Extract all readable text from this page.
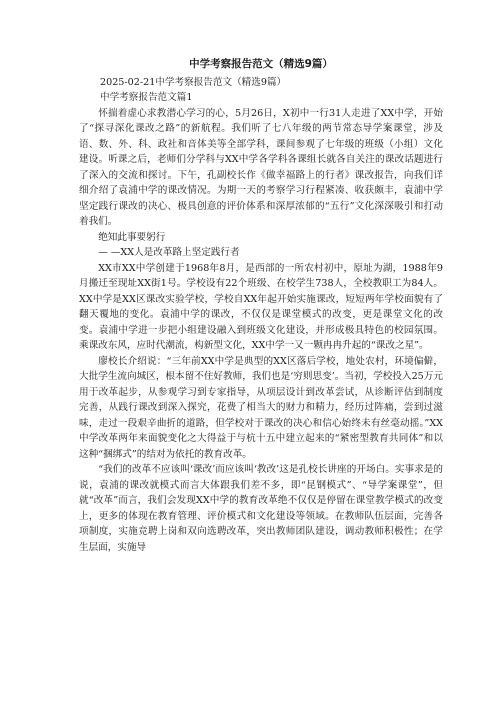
中学考察报告范文（精选9篇）
2025-02-21中学考察报告范文（精选9篇）
中学考察报告范文篇1

怀揣着虚心求教潜心学习的心，5月26日，X初中一行31人走进了XX中学，开始了“探寻深化课改之路”的新航程。我们听了七八年级的两节常态导学案课堂，涉及语、数、外、科、政社和音体美等全部学科，课间参观了七年级的班级（小组）文化建设。听课之后，老师们分学科与XX中学各学科各课组长就各自关注的课改话题进行了深入的交流和探讨。下午，孔副校长作《做幸福路上的行者》课改报告，向我们详细介绍了袁浦中学的课改情况。为期一天的考察学习行程紧凑、收获颇丰，袁浦中学坚定践行课改的决心、极具创意的评价体系和深厚浓郁的“五行”文化深深吸引和打动着我们。

绝知此事要躬行
— —XX人是改革路上坚定践行者

XX市XX中学创建于1968年8月，是西部的一所农村初中，原址为湖，1988年9月搬迁至现址XX街1号。学校设有22个班级、在校学生738人，全校教职工为84人。XX中学是XX区课改实验学校，学校自XX年起开始实施课改，短短两年学校面貌有了翻天覆地的变化。袁浦中学的课改，不仅仅是课堂模式的改变，更是课堂文化的改变。袁浦中学进一步把小组建设融入到班级文化建设，并形成极具特色的校园氛围。乘课改东风，应时代潮流，构新型文化，XX中学一又一颗冉冉升起的“课改之星”。

廖校长介绍说：“三年前XX中学是典型的XX区落后学校，地处农村，环境偏僻，大批学生流向城区，根本留不住好教师，我们也是‘穷则思变’。当初，学校投入25万元用于改革起步，从参观学习到专家指导，从项层设计到改革尝试，从诊断评估到制度完善，从践行课改到深入探究，花费了相当大的财力和精力，经历过阵痛，尝到过滋味，走过一段艰辛曲折的道路，但学校对于课改的决心和信心始终未有丝毫动摇。”XX中学改革两年来面貌变化之大得益于与杭十五中建立起来的“紧密型教育共同体”和以这种“捆绑式”的结对为依托的教育改革。

“我们的改革不应该叫‘课改’而应该叫‘教改’这是孔校长讲座的开场白。实事求是的说，袁浦的课改就模式而言大体跟我们差不多，即“昆钢模式”、“导学案课堂”，但就“改革”而言，我们会发现XX中学的教育改革绝不仅仅是停留在课堂教学模式的改变上，更多的体现在教育管理、评价模式和文化建设等领域。在教师队伍层面，完善各项制度，实施竞聘上岗和双向选聘改革，突出教师团队建设，调动教师积极性；在学生层面，实施导
